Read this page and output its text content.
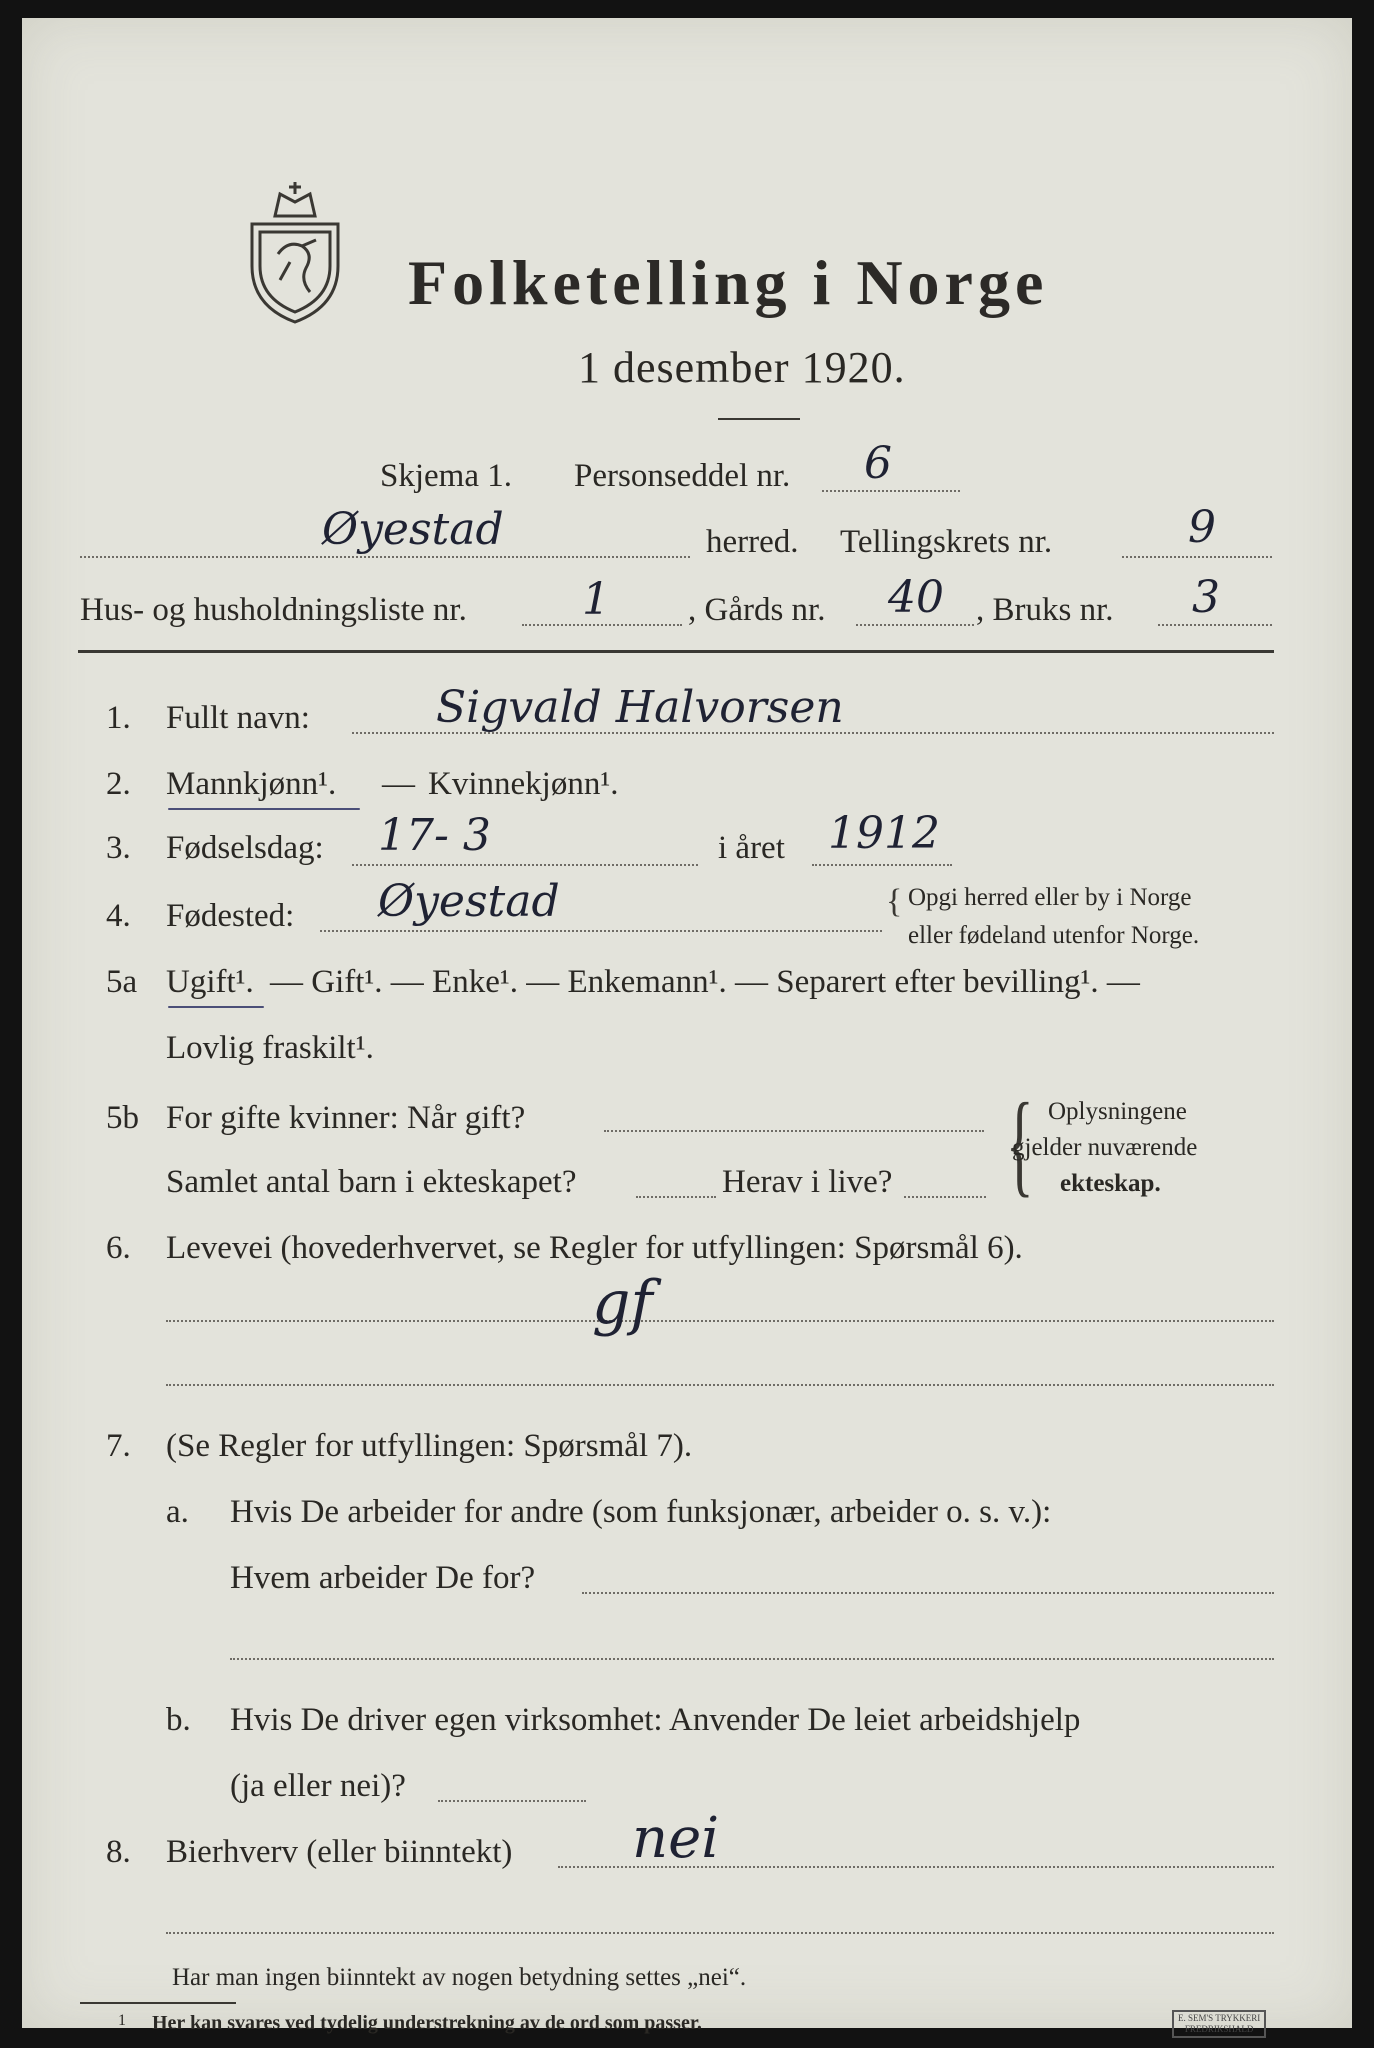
Folketelling i Norge
1 desember 1920.
Skjema 1. Personseddel nr. 6
Øyestad	herred. Tellingskrets nr.	9
Hus- og husholdningsliste nr.	1 , Gårds nr. 40 , Bruks nr. 3
1. Fullt navn:	Sigvald Halvorsen
2. Mannkjønn¹. — Kvinnekjønn¹.
3. Fødselsdag: 17- 3	i året 1912
4. Fødested: Øyestad	{ Opgi herred eller by i Norge
eller fødeland utenfor Norge.
5a Ugift¹. — Gift¹. — Enke¹. — Enkemann¹. — Separert efter bevilling¹. —
Lovlig fraskilt¹.
5b For gifte kvinner: Når gift?
Samlet antal barn i ekteskapet?	Herav i live? { Oplysningene
gjelder nuværende
ekteskap.
6. Levevei (hovederhvervet, se Regler for utfyllingen: Spørsmål 6).
gf
7. (Se Regler for utfyllingen: Spørsmål 7).
a. Hvis De arbeider for andre (som funksjonær, arbeider o. s. v.):
Hvem arbeider De for?
b. Hvis De driver egen virksomhet: Anvender De leiet arbeidshjelp
(ja eller nei)?
8. Bierhverv (eller biinntekt) nei
Har man ingen biinntekt av nogen betydning settes „nei“.
1 Her kan svares ved tydelig understrekning av de ord som passer.	E. SEM'S TRYKKERI
FREDRIKSHALD
